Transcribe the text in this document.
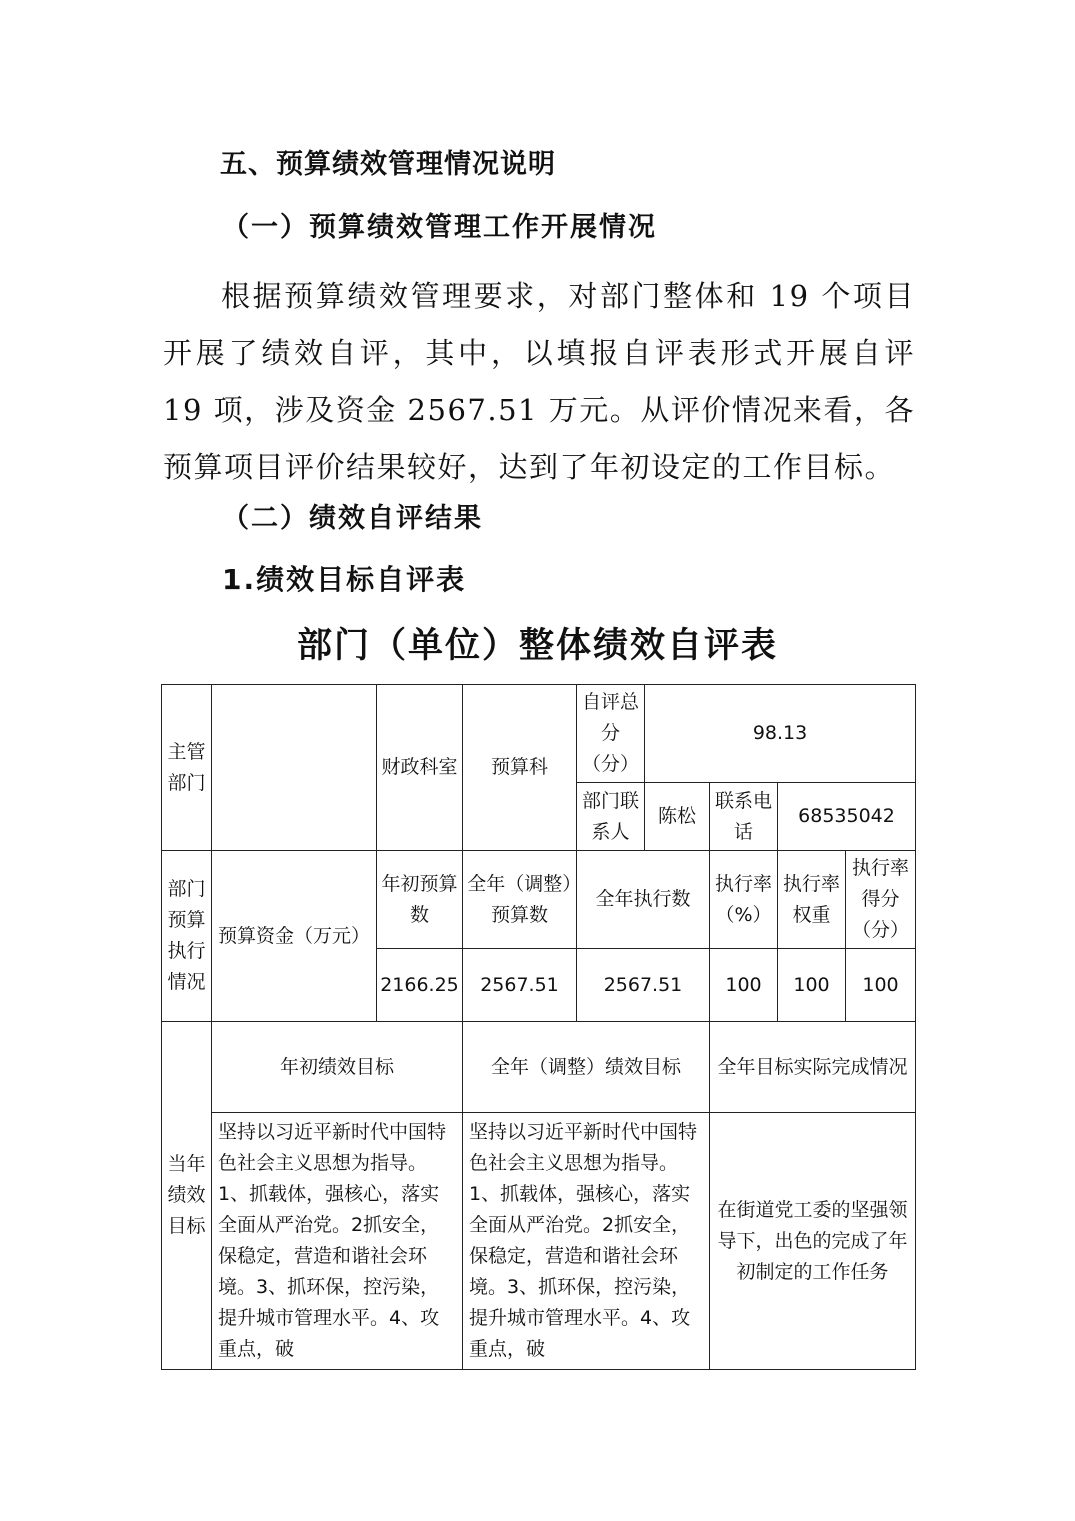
五、预算绩效管理情况说明
（一）预算绩效管理工作开展情况
根据预算绩效管理要求，对部门整体和 19 个项目开展了绩效自评，其中，以填报自评表形式开展自评 19 项，涉及资金 2567.51 万元。从评价情况来看，各预算项目评价结果较好，达到了年初设定的工作目标。
（二）绩效自评结果
1.绩效目标自评表
部门（单位）整体绩效自评表
主管部门		财政科室	预算科	自评总分（分）	98.13			
				部门联系人	陈松	联系电话	68535042	
部门预算执行情况	预算资金（万元）	年初预算数	全年（调整）预算数	全年执行数		执行率（%）	执行率权重	执行率得分（分）
		2166.25	2567.51	2567.51		100	100	100
当年绩效目标	年初绩效目标		全年（调整）绩效目标			全年目标实际完成情况		
	坚持以习近平新时代中国特色社会主义思想为指导。1、抓载体，强核心，落实全面从严治党。2抓安全，保稳定，营造和谐社会环境。3、抓环保，控污染，提升城市管理水平。4、攻重点，破		坚持以习近平新时代中国特色社会主义思想为指导。1、抓载体，强核心，落实全面从严治党。2抓安全，保稳定，营造和谐社会环境。3、抓环保，控污染，提升城市管理水平。4、攻重点，破			在街道党工委的坚强领导下，出色的完成了年初制定的工作任务		
